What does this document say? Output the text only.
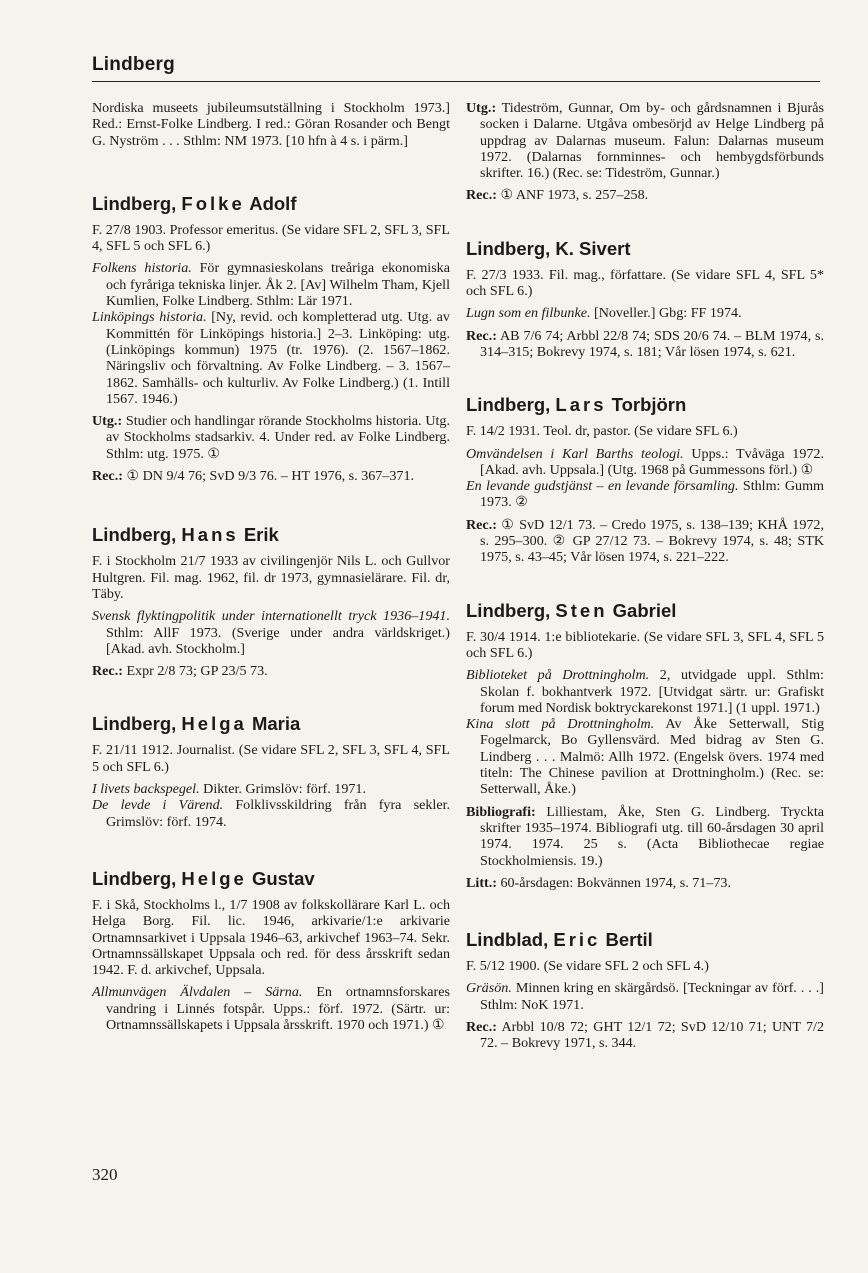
Lindberg

Nordiska museets jubileumsutställning i Stockholm 1973.] Red.: Ernst-Folke Lindberg. I red.: Göran Rosander och Bengt G. Nyström . . . Sthlm: NM 1973. [10 hfn à 4 s. i pärm.]

Lindberg, Folke Adolf

F. 27/8 1903. Professor emeritus. (Se vidare SFL 2, SFL 3, SFL 4, SFL 5 och SFL 6.)

Folkens historia. För gymnasieskolans treåriga ekonomiska och fyråriga tekniska linjer. Åk 2. [Av] Wilhelm Tham, Kjell Kumlien, Folke Lindberg. Sthlm: Lär 1971.

Linköpings historia. [Ny, revid. och kompletterad utg. Utg. av Kommittén för Linköpings historia.] 2–3. Linköping: utg. (Linköpings kommun) 1975 (tr. 1976). (2. 1567–1862. Näringsliv och förvaltning. Av Folke Lindberg. – 3. 1567–1862. Samhälls- och kulturliv. Av Folke Lindberg.) (1. Intill 1567. 1946.)

Utg.: Studier och handlingar rörande Stockholms historia. Utg. av Stockholms stadsarkiv. 4. Under red. av Folke Lindberg. Sthlm: utg. 1975. ①

Rec.: ① DN 9/4 76; SvD 9/3 76. – HT 1976, s. 367–371.

Lindberg, Hans Erik

F. i Stockholm 21/7 1933 av civilingenjör Nils L. och Gullvor Hultgren. Fil. mag. 1962, fil. dr 1973, gymnasielärare. Fil. dr, Täby.

Svensk flyktingpolitik under internationellt tryck 1936–1941. Sthlm: AllF 1973. (Sverige under andra världskriget.) [Akad. avh. Stockholm.]

Rec.: Expr 2/8 73; GP 23/5 73.

Lindberg, Helga Maria

F. 21/11 1912. Journalist. (Se vidare SFL 2, SFL 3, SFL 4, SFL 5 och SFL 6.)

I livets backspegel. Dikter. Grimslöv: förf. 1971.

De levde i Värend. Folklivsskildring från fyra sekler. Grimslöv: förf. 1974.

Lindberg, Helge Gustav

F. i Skå, Stockholms l., 1/7 1908 av folkskollärare Karl L. och Helga Borg. Fil. lic. 1946, arkivarie/1:e arkivarie Ortnamnsarkivet i Uppsala 1946–63, arkivchef 1963–74. Sekr. Ortnamnssällskapet Uppsala och red. för dess årsskrift sedan 1942. F. d. arkivchef, Uppsala.

Allmunvägen Älvdalen – Särna. En ortnamnsforskares vandring i Linnés fotspår. Upps.: förf. 1972. (Särtr. ur: Ortnamnssällskapets i Uppsala årsskrift. 1970 och 1971.) ①

Utg.: Tideström, Gunnar, Om by- och gårdsnamnen i Bjurås socken i Dalarne. Utgåva ombesörjd av Helge Lindberg på uppdrag av Dalarnas museum. Falun: Dalarnas museum 1972. (Dalarnas fornminnes- och hembygdsförbunds skrifter. 16.) (Rec. se: Tideström, Gunnar.)

Rec.: ① ANF 1973, s. 257–258.

Lindberg, K. Sivert

F. 27/3 1933. Fil. mag., författare. (Se vidare SFL 4, SFL 5* och SFL 6.)

Lugn som en filbunke. [Noveller.] Gbg: FF 1974.

Rec.: AB 7/6 74; Arbbl 22/8 74; SDS 20/6 74. – BLM 1974, s. 314–315; Bokrevy 1974, s. 181; Vår lösen 1974, s. 621.

Lindberg, Lars Torbjörn

F. 14/2 1931. Teol. dr, pastor. (Se vidare SFL 6.)

Omvändelsen i Karl Barths teologi. Upps.: Tvåväga 1972. [Akad. avh. Uppsala.] (Utg. 1968 på Gummessons förl.) ①

En levande gudstjänst – en levande församling. Sthlm: Gumm 1973. ②

Rec.: ① SvD 12/1 73. – Credo 1975, s. 138–139; KHÅ 1972, s. 295–300. ② GP 27/12 73. – Bokrevy 1974, s. 48; STK 1975, s. 43–45; Vår lösen 1974, s. 221–222.

Lindberg, Sten Gabriel

F. 30/4 1914. 1:e bibliotekarie. (Se vidare SFL 3, SFL 4, SFL 5 och SFL 6.)

Biblioteket på Drottningholm. 2, utvidgade uppl. Sthlm: Skolan f. bokhantverk 1972. [Utvidgat särtr. ur: Grafiskt forum med Nordisk boktryckarekonst 1971.] (1 uppl. 1971.)

Kina slott på Drottningholm. Av Åke Setterwall, Stig Fogelmarck, Bo Gyllensvärd. Med bidrag av Sten G. Lindberg . . . Malmö: Allh 1972. (Engelsk övers. 1974 med titeln: The Chinese pavilion at Drottningholm.) (Rec. se: Setterwall, Åke.)

Bibliografi: Lilliestam, Åke, Sten G. Lindberg. Tryckta skrifter 1935–1974. Bibliografi utg. till 60-årsdagen 30 april 1974. 1974. 25 s. (Acta Bibliothecae regiae Stockholmiensis. 19.)

Litt.: 60-årsdagen: Bokvännen 1974, s. 71–73.

Lindblad, Eric Bertil

F. 5/12 1900. (Se vidare SFL 2 och SFL 4.)

Gräsön. Minnen kring en skärgårdsö. [Teckningar av förf. . . .] Sthlm: NoK 1971.

Rec.: Arbbl 10/8 72; GHT 12/1 72; SvD 12/10 71; UNT 7/2 72. – Bokrevy 1971, s. 344.

320
